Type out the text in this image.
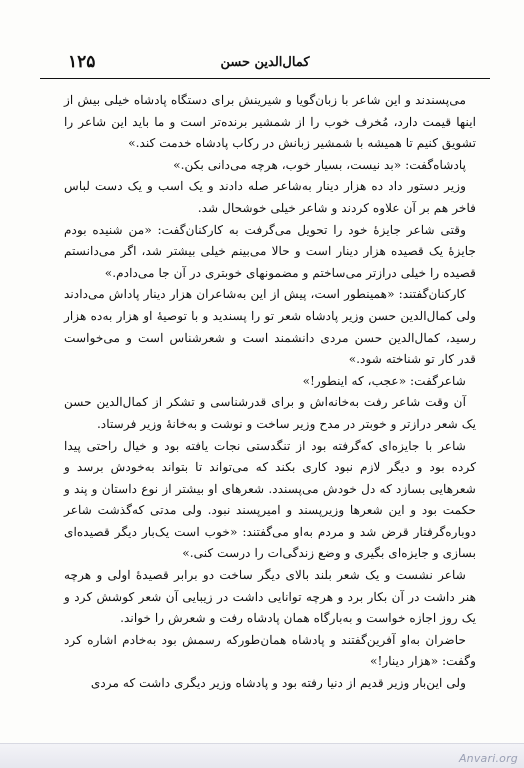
۱۲۵	کمال‌الدین حسن

می‌پسندند و این شاعر با زبان‌گویا و شیرینش برای دستگاه پادشاه خیلی بیش از اینها قیمت دارد، مُخرف خوب را از شمشیر برنده‌تر است و ما باید این شاعر را تشویق کنیم تا همیشه با شمشیر زبانش در رکاب پادشاه خدمت کند.»

پادشاه‌گفت: «بد نیست، بسیار خوب، هرچه می‌دانی بکن.»

وزیر دستور داد ده هزار دینار به‌شاعر صله دادند و یک اسب و یک دست لباس فاخر هم بر آن علاوه کردند و شاعر خیلی خوشحال شد.

وقتی شاعر جایزهٔ خود را تحویل می‌گرفت به کارکنان‌گفت: «من شنیده بودم جایزهٔ یک قصیده هزار دینار است و حالا می‌بینم خیلی بیشتر شد، اگر می‌دانستم قصیده را خیلی درازتر می‌ساختم و مضمونهای خوبتری در آن جا می‌دادم.»

کارکنان‌گفتند: «همینطور است، پیش از این به‌شاعران هزار دینار پاداش می‌دادند ولی کمال‌الدین حسن وزیر پادشاه شعر تو را پسندید و با توصیهٔ او هزار به‌ده هزار رسید، کمال‌الدین حسن مردی دانشمند است و شعرشناس است و می‌خواست قدر کار تو شناخته شود.»

شاعرگفت: «عجب، که اینطور!»

آن وقت شاعر رفت به‌خانه‌اش و برای قدرشناسی و تشکر از کمال‌الدین حسن یک شعر درازتر و خوبتر در مدح وزیر ساخت و نوشت و به‌خانهٔ وزیر فرستاد.

شاعر با جایزه‌ای که‌گرفته بود از تنگدستی نجات یافته بود و خیال راحتی پیدا کرده بود و دیگر لازم نبود کاری بکند که می‌تواند تا بتواند به‌خودش برسد و شعرهایی بسازد که دل خودش می‌پسندد. شعرهای او بیشتر از نوع داستان و پند و حکمت بود و این شعرها وزیرپسند و امیرپسند نبود. ولی مدتی که‌گذشت شاعر دوباره‌گرفتار قرض شد و مردم به‌او می‌گفتند: «خوب است یک‌بار دیگر قصیده‌ای بسازی و جایزه‌ای بگیری و وضع زندگی‌ات را درست کنی.»

شاعر نشست و یک شعر بلند بالای دیگر ساخت دو برابر قصیدهٔ اولی و هرچه هنر داشت در آن بکار برد و هرچه توانایی داشت در زیبایی آن شعر کوشش کرد و یک روز اجازه خواست و به‌بارگاه همان پادشاه رفت و شعرش را خواند.

حاضران به‌او آفرین‌گفتند و پادشاه همان‌طورکه رسمش بود به‌خادم اشاره کرد وگفت: «هزار دینار!»

ولی این‌بار وزیر قدیم از دنیا رفته بود و پادشاه وزیر دیگری داشت که مردی

Anvari.org
